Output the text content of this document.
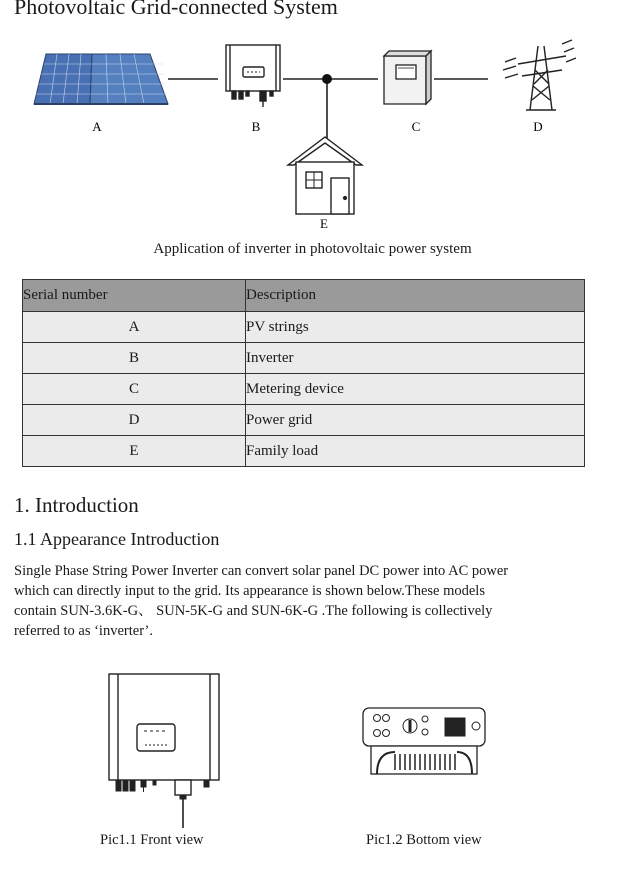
Photovoltaic Grid-connected System
A	B	C	D
E
Application of inverter in photovoltaic power system
Serial number	Description
A	PV strings
B	Inverter
C	Metering device
D	Power grid
E	Family load
1. Introduction
1.1 Appearance Introduction

Single Phase String Power Inverter can convert solar panel DC power into AC power

which can directly input to the grid. Its appearance is shown below.These models

contain SUN-3.6K-G、 SUN-5K-G and SUN-6K-G .The following is collectively

referred to as ‘inverter’.

Pic1.1 Front view	Pic1.2 Bottom view
